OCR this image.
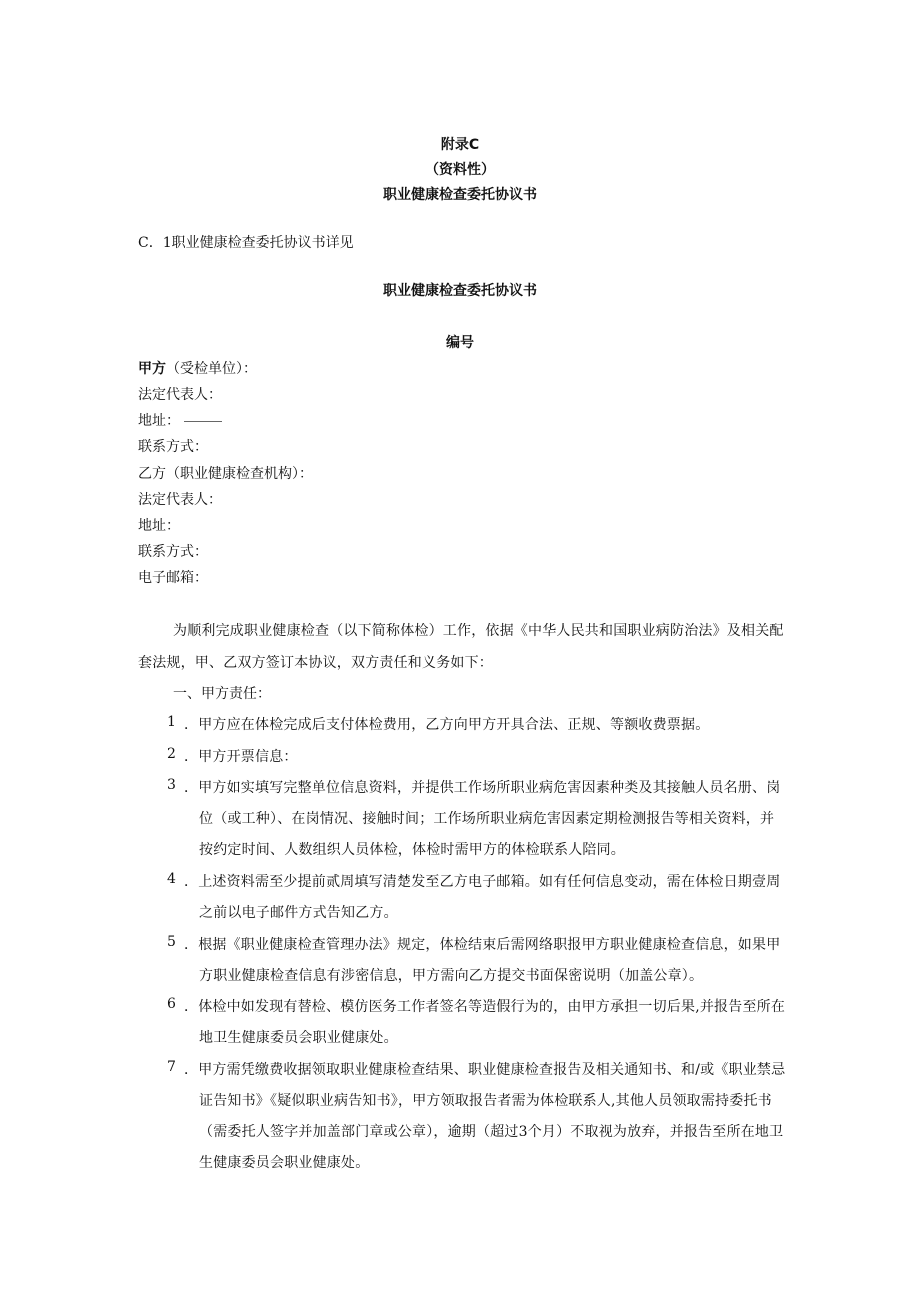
附录C
（资料性）
职业健康检查委托协议书
C．1职业健康检查委托协议书详见
职业健康检查委托协议书
编号
甲方（受检单位）：
法定代表人：
地址：
联系方式：
乙方（职业健康检查机构）：
法定代表人：
地址：
联系方式：
电子邮箱：
为顺利完成职业健康检查（以下简称体检）工作，依据《中华人民共和国职业病防治法》及相关配
套法规，甲、乙双方签订本协议，双方责任和义务如下：
一、甲方责任：
1 ．甲方应在体检完成后支付体检费用，乙方向甲方开具合法、正规、等额收费票据。
2 ．甲方开票信息：
3 ．甲方如实填写完整单位信息资料，并提供工作场所职业病危害因素种类及其接触人员名册、岗
位（或工种）、在岗情况、接触时间；工作场所职业病危害因素定期检测报告等相关资料，并
按约定时间、人数组织人员体检，体检时需甲方的体检联系人陪同。
4 ．上述资料需至少提前贰周填写清楚发至乙方电子邮箱。如有任何信息变动，需在体检日期壹周
之前以电子邮件方式告知乙方。
5 ．根据《职业健康检查管理办法》规定，体检结束后需网络职报甲方职业健康检查信息，如果甲
方职业健康检查信息有涉密信息，甲方需向乙方提交书面保密说明（加盖公章）。
6 ．体检中如发现有替检、模仿医务工作者签名等造假行为的，由甲方承担一切后果,并报告至所在
地卫生健康委员会职业健康处。
7 ．甲方需凭缴费收据领取职业健康检查结果、职业健康检查报告及相关通知书、和/或《职业禁忌
证告知书》《疑似职业病告知书》，甲方领取报告者需为体检联系人,其他人员领取需持委托书
（需委托人签字并加盖部门章或公章），逾期（超过3个月）不取视为放弃，并报告至所在地卫
生健康委员会职业健康处。
